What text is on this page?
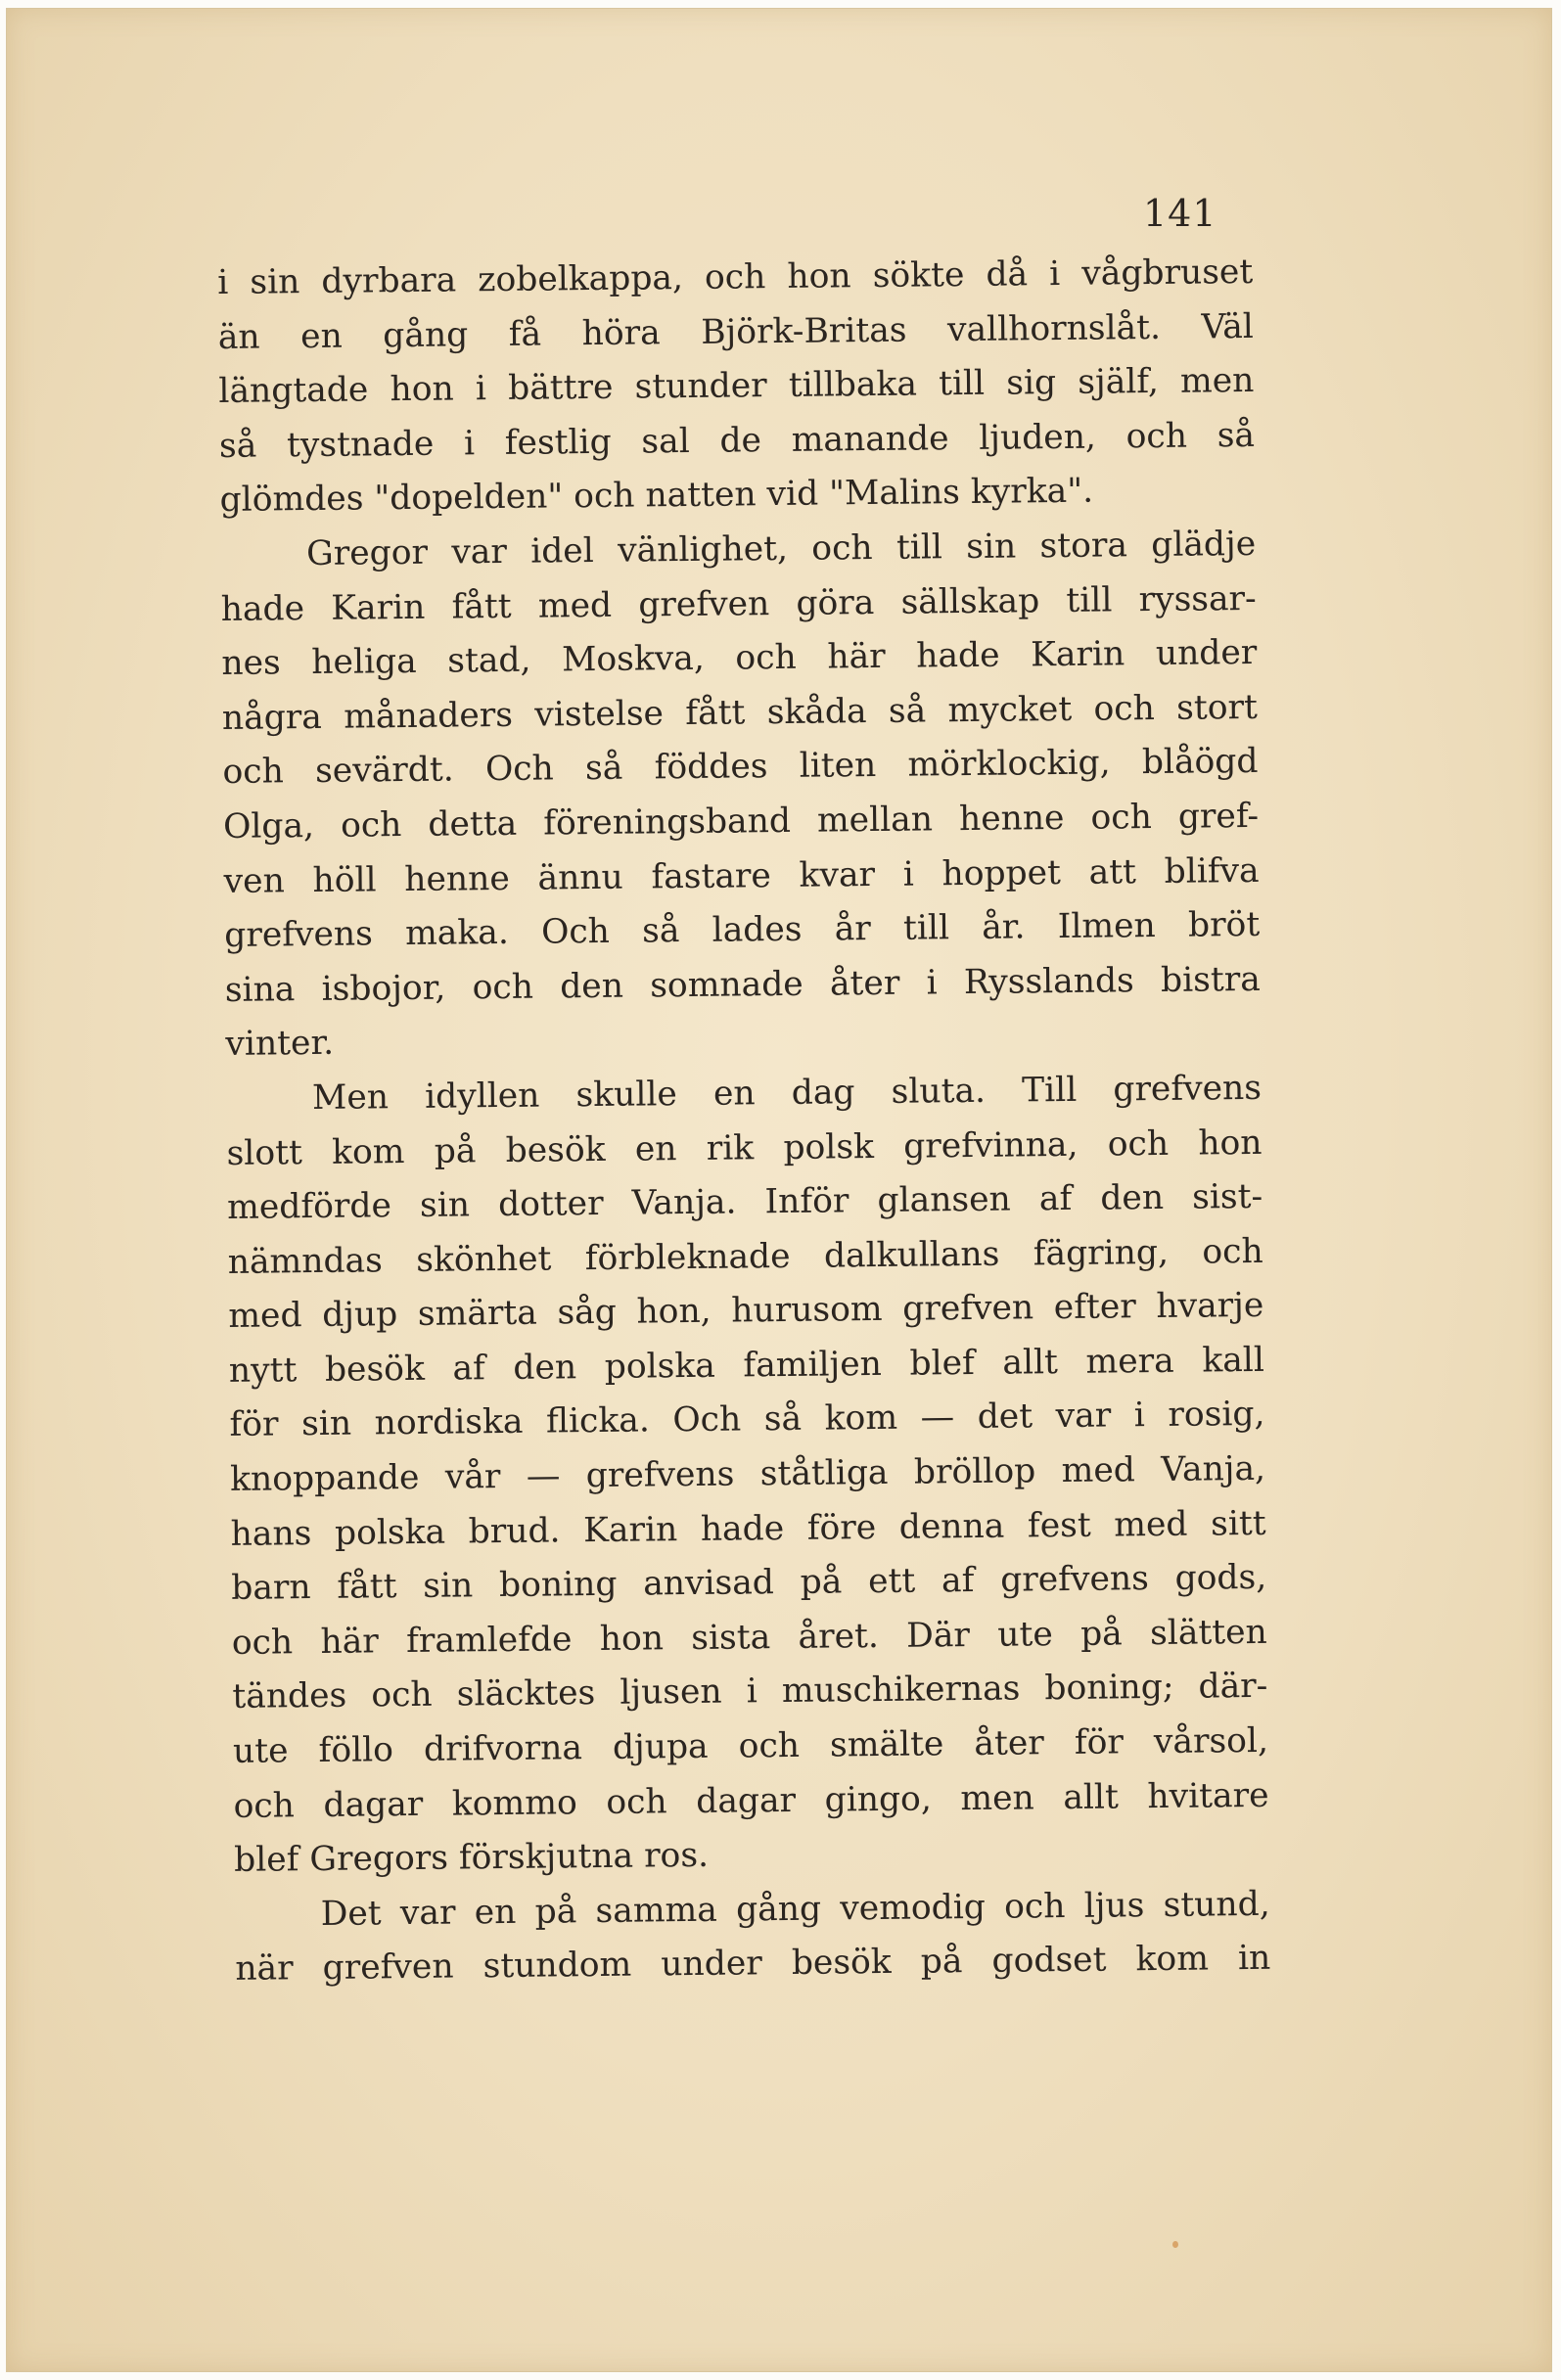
141
i sin dyrbara zobelkappa, och hon sökte då i vågbruset
än en gång få höra Björk-Britas vallhornslåt. Väl
längtade hon i bättre stunder tillbaka till sig själf, men
så tystnade i festlig sal de manande ljuden, och så
glömdes "dopelden" och natten vid "Malins kyrka".
Gregor var idel vänlighet, och till sin stora glädje
hade Karin fått med grefven göra sällskap till ryssar-
nes heliga stad, Moskva, och här hade Karin under
några månaders vistelse fått skåda så mycket och stort
och sevärdt. Och så föddes liten mörklockig, blåögd
Olga, och detta föreningsband mellan henne och gref-
ven höll henne ännu fastare kvar i hoppet att blifva
grefvens maka. Och så lades år till år. Ilmen bröt
sina isbojor, och den somnade åter i Rysslands bistra
vinter.
Men idyllen skulle en dag sluta. Till grefvens
slott kom på besök en rik polsk grefvinna, och hon
medförde sin dotter Vanja. Inför glansen af den sist-
nämndas skönhet förbleknade dalkullans fägring, och
med djup smärta såg hon, hurusom grefven efter hvarje
nytt besök af den polska familjen blef allt mera kall
för sin nordiska flicka. Och så kom — det var i rosig,
knoppande vår — grefvens ståtliga bröllop med Vanja,
hans polska brud. Karin hade före denna fest med sitt
barn fått sin boning anvisad på ett af grefvens gods,
och här framlefde hon sista året. Där ute på slätten
tändes och släcktes ljusen i muschikernas boning; där-
ute föllo drifvorna djupa och smälte åter för vårsol,
och dagar kommo och dagar gingo, men allt hvitare
blef Gregors förskjutna ros.
Det var en på samma gång vemodig och ljus stund,
när grefven stundom under besök på godset kom in
